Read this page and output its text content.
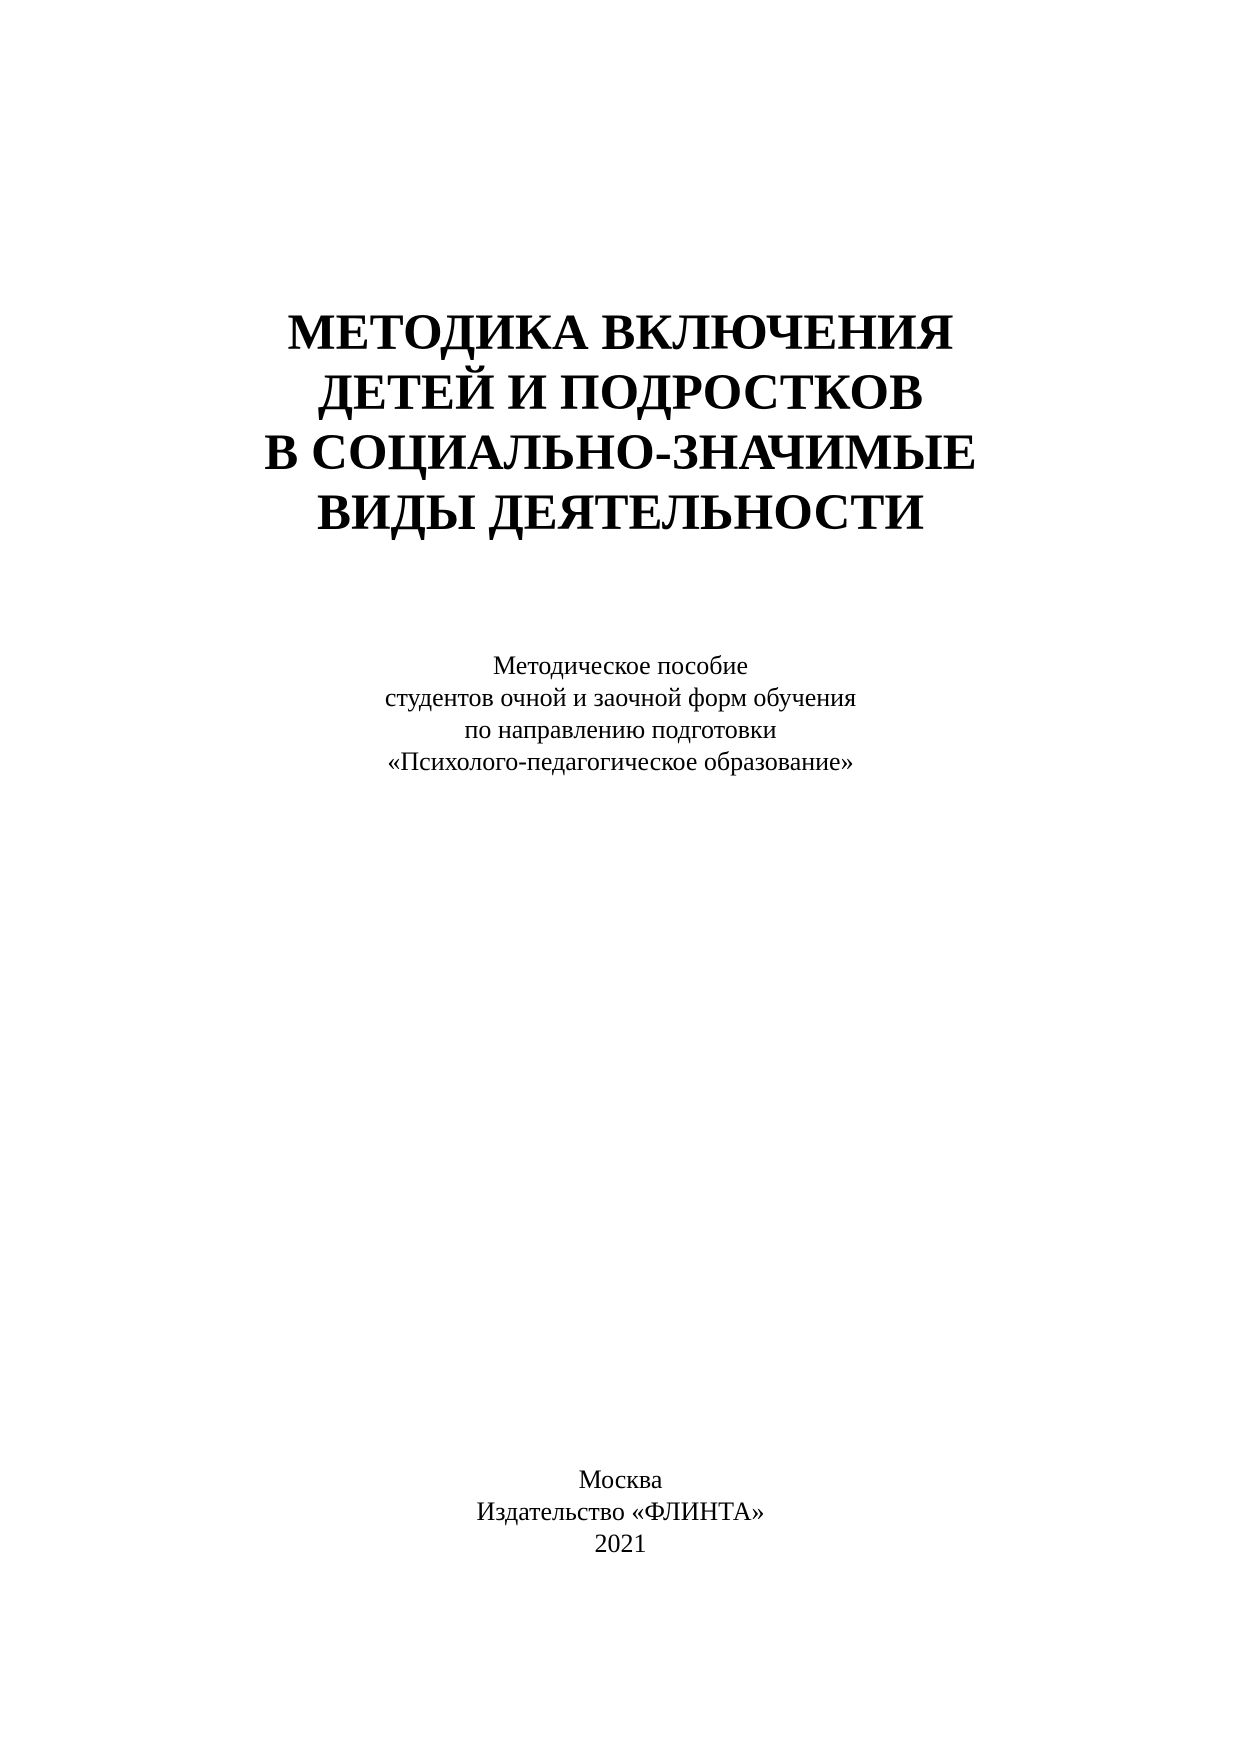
МЕТОДИКА ВКЛЮЧЕНИЯ
ДЕТЕЙ И ПОДРОСТКОВ
В СОЦИАЛЬНО-ЗНАЧИМЫЕ
ВИДЫ ДЕЯТЕЛЬНОСТИ
Методическое пособие
студентов очной и заочной форм обучения
по направлению подготовки
«Психолого-педагогическое образование»
Москва
Издательство «ФЛИНТА»
2021
